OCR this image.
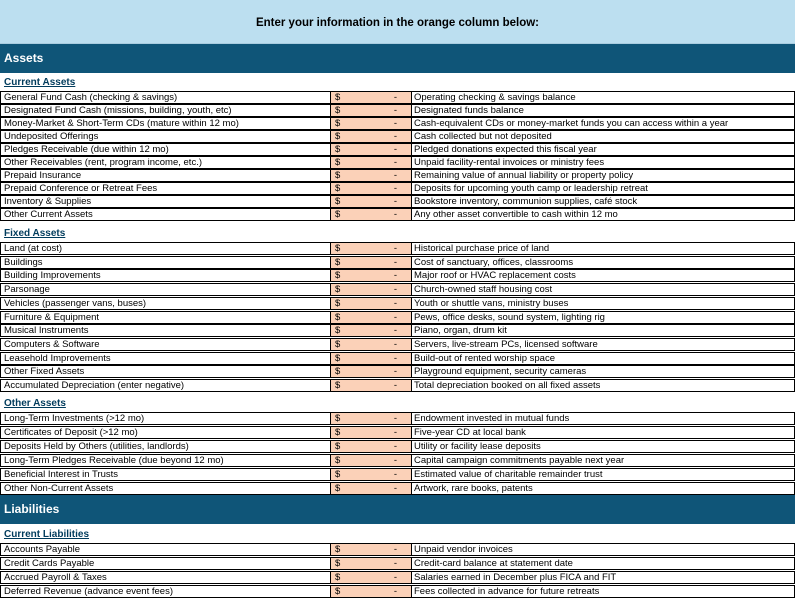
Enter your information in the orange column below:
Assets
Liabilities
Current Assets
General Fund Cash (checking & savings)	$	- Operating checking & savings balance
Designated Fund Cash (missions, building, youth, etc)	$	- Designated funds balance
Money-Market & Short-Term CDs (mature within 12 mo)	$	- Cash-equivalent CDs or money-market funds you can access within a year
Undeposited Offerings	$	- Cash collected but not deposited
Pledges Receivable (due within 12 mo)	$	- Pledged donations expected this fiscal year
Other Receivables (rent, program income, etc.)	$	- Unpaid facility-rental invoices or ministry fees
Prepaid Insurance	$	- Remaining value of annual liability or property policy
Prepaid Conference or Retreat Fees	$	- Deposits for upcoming youth camp or leadership retreat
Inventory & Supplies	$	- Bookstore inventory, communion supplies, café stock
Other Current Assets	$	- Any other asset convertible to cash within 12 mo
Fixed Assets
Land (at cost)	$	- Historical purchase price of land
Buildings	$	- Cost of sanctuary, offices, classrooms
Building Improvements	$	- Major roof or HVAC replacement costs
Parsonage	$	- Church-owned staff housing cost
Vehicles (passenger vans, buses)	$	- Youth or shuttle vans, ministry buses
Furniture & Equipment	$	- Pews, office desks, sound system, lighting rig
Musical Instruments	$	- Piano, organ, drum kit
Computers & Software	$	- Servers, live-stream PCs, licensed software
Leasehold Improvements	$	- Build-out of rented worship space
Other Fixed Assets	$	- Playground equipment, security cameras
Accumulated Depreciation (enter negative)	$	- Total depreciation booked on all fixed assets
Other Assets
Long-Term Investments (>12 mo)	$	- Endowment invested in mutual funds
Certificates of Deposit (>12 mo)	$	- Five-year CD at local bank
Deposits Held by Others (utilities, landlords)	$	- Utility or facility lease deposits
Long-Term Pledges Receivable (due beyond 12 mo)	$	- Capital campaign commitments payable next year
Beneficial Interest in Trusts	$	- Estimated value of charitable remainder trust
Other Non-Current Assets	$	- Artwork, rare books, patents
Current Liabilities
Accounts Payable	$	- Unpaid vendor invoices
Credit Cards Payable	$	- Credit-card balance at statement date
Accrued Payroll & Taxes	$	- Salaries earned in December plus FICA and FIT
Deferred Revenue (advance event fees)	$	- Fees collected in advance for future retreats
